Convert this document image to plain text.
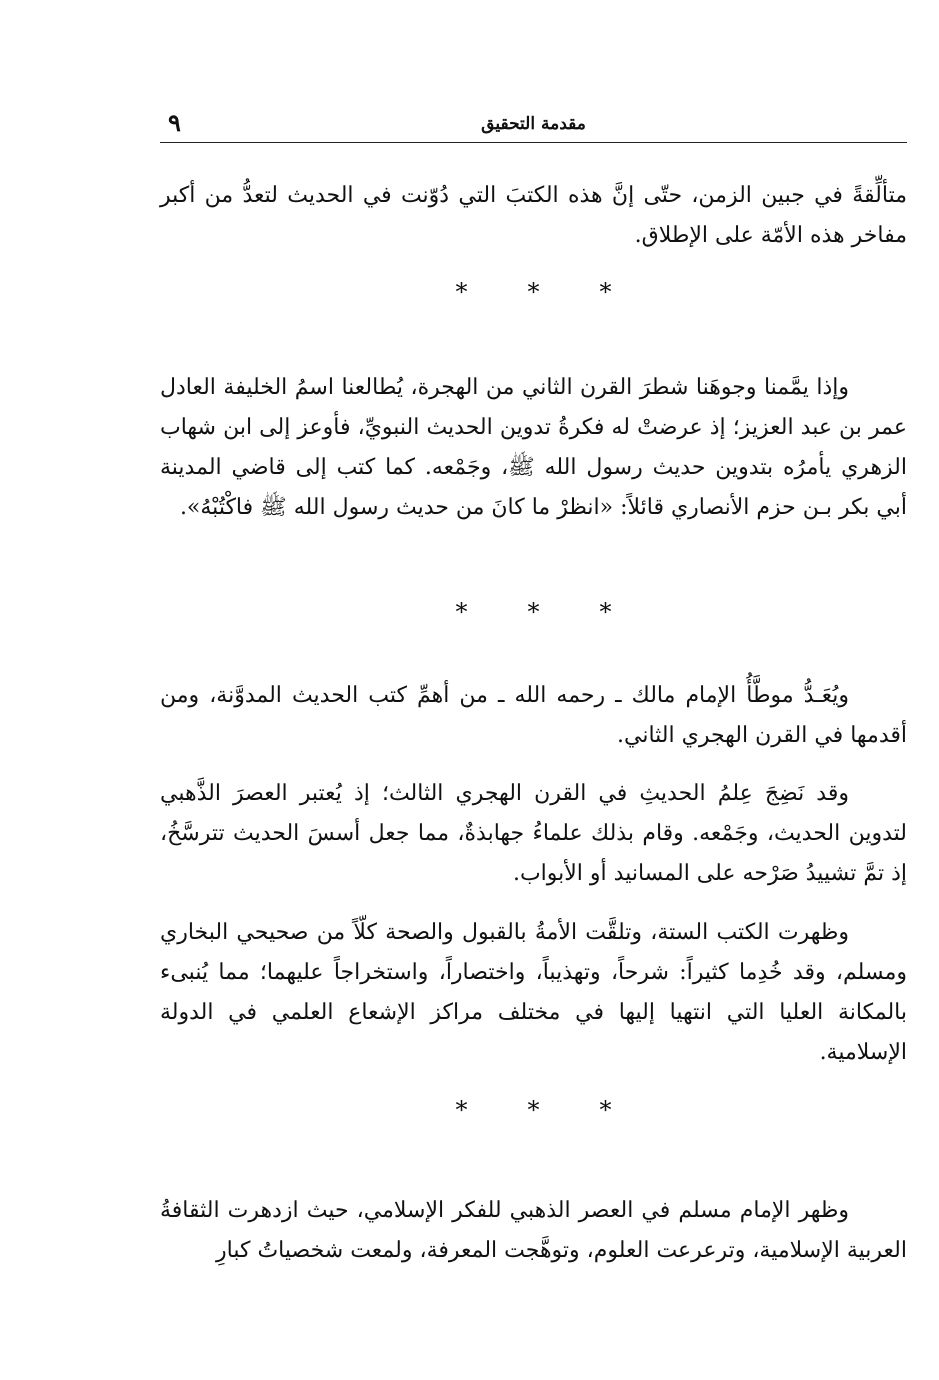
مقدمة التحقيق
٩

متألِّقةً في جبين الزمن، حتّى إنَّ هذه الكتبَ التي دُوّنت في الحديث لتعدُّ من أكبر مفاخر هذه الأمّة على الإطلاق.

***

وإذا يمَّمنا وجوهَنا شطرَ القرن الثاني من الهجرة، يُطالعنا اسمُ الخليفة العادل عمر بن عبد العزيز؛ إذ عرضتْ له فكرةُ تدوين الحديث النبويِّ، فأوعز إلى ابن شهاب الزهري يأمرُه بتدوين حديث رسول الله ﷺ، وجَمْعه. كما كتب إلى قاضي المدينة أبي بكر بـن حزم الأنصاري قائلاً: «انظرْ ما كانَ من حديث رسول الله ﷺ فاكْتُبْهُ».

***

ويُعَـدُّ موطَّأُ الإمام مالك ـ رحمه الله ـ من أهمِّ كتب الحديث المدوَّنة، ومن أقدمها في القرن الهجري الثاني.

وقد نَضِجَ عِلمُ الحديثِ في القرن الهجري الثالث؛ إذ يُعتبر العصرَ الذَّهبي لتدوين الحديث، وجَمْعه. وقام بذلك علماءُ جهابذةٌ، مما جعل أسسَ الحديث تترسَّخُ، إذ تمَّ تشييدُ صَرْحه على المسانيد أو الأبواب.

وظهرت الكتب الستة، وتلقَّت الأمةُ بالقبول والصحة كلّاً من صحيحي البخاري ومسلم، وقد خُدِما كثيراً: شرحاً، وتهذيباً، واختصاراً، واستخراجاً عليهما؛ مما يُنبىء بالمكانة العليا التي انتهيا إليها في مختلف مراكز الإشعاع العلمي في الدولة الإسلامية.

***

وظهر الإمام مسلم في العصر الذهبي للفكر الإسلامي، حيث ازدهرت الثقافةُ العربية الإسلامية، وترعرعت العلوم، وتوهَّجت المعرفة، ولمعت شخصياتُ كبارِ
